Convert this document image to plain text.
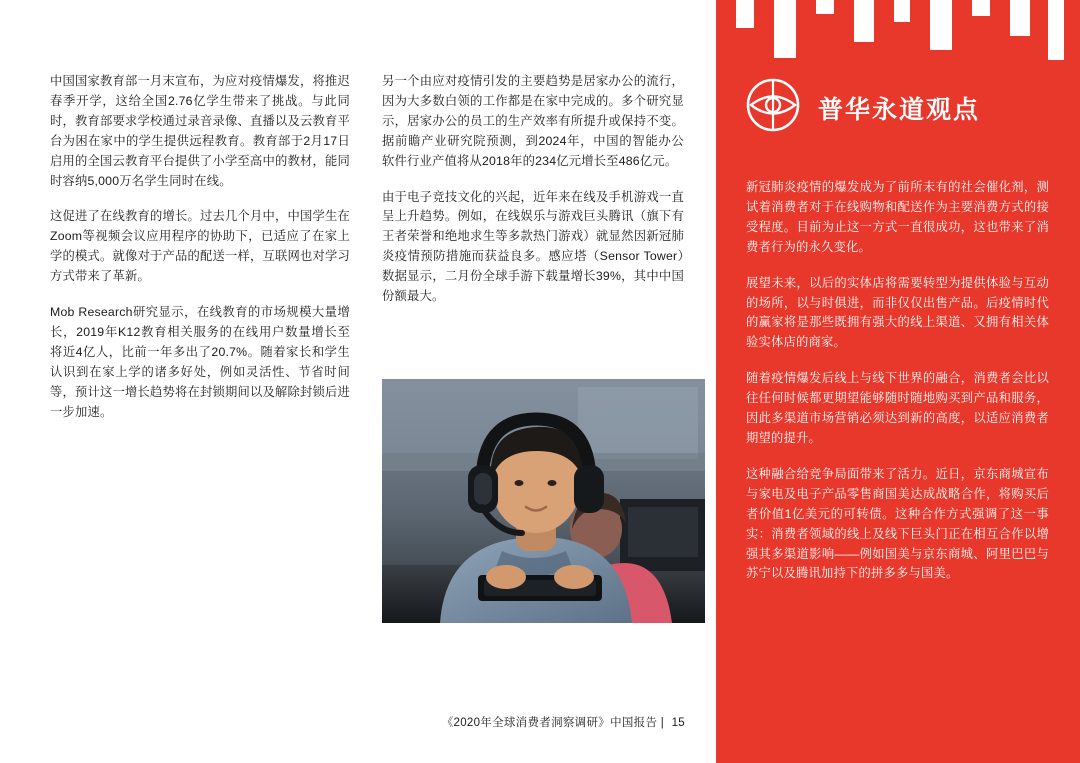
中国国家教育部一月末宣布，为应对疫情爆发，将推迟春季开学，这给全国2.76亿学生带来了挑战。与此同时，教育部要求学校通过录音录像、直播以及云教育平台为困在家中的学生提供远程教育。教育部于2月17日启用的全国云教育平台提供了小学至高中的教材，能同时容纳5,000万名学生同时在线。

这促进了在线教育的增长。过去几个月中，中国学生在Zoom等视频会议应用程序的协助下，已适应了在家上学的模式。就像对于产品的配送一样，互联网也对学习方式带来了革新。

Mob Research研究显示，在线教育的市场规模大量增长，2019年K12教育相关服务的在线用户数量增长至将近4亿人，比前一年多出了20.7%。随着家长和学生认识到在家上学的诸多好处，例如灵活性、节省时间等，预计这一增长趋势将在封锁期间以及解除封锁后进一步加速。

另一个由应对疫情引发的主要趋势是居家办公的流行，因为大多数白领的工作都是在家中完成的。多个研究显示，居家办公的员工的生产效率有所提升或保持不变。据前瞻产业研究院预测，到2024年，中国的智能办公软件行业产值将从2018年的234亿元增长至486亿元。

由于电子竞技文化的兴起，近年来在线及手机游戏一直呈上升趋势。例如，在线娱乐与游戏巨头腾讯（旗下有王者荣誉和绝地求生等多款热门游戏）就显然因新冠肺炎疫情预防措施而获益良多。感应塔（Sensor Tower）数据显示，二月份全球手游下载量增长39%，其中中国份额最大。

《2020年全球消费者洞察调研》中国报告 | 15
普华永道观点

新冠肺炎疫情的爆发成为了前所未有的社会催化剂，测试着消费者对于在线购物和配送作为主要消费方式的接受程度。目前为止这一方式一直很成功，这也带来了消费者行为的永久变化。

展望未来，以后的实体店将需要转型为提供体验与互动的场所，以与时俱进，而非仅仅出售产品。后疫情时代的赢家将是那些既拥有强大的线上渠道、又拥有相关体验实体店的商家。

随着疫情爆发后线上与线下世界的融合，消费者会比以往任何时候都更期望能够随时随地购买到产品和服务，因此多渠道市场营销必须达到新的高度，以适应消费者期望的提升。

这种融合给竞争局面带来了活力。近日，京东商城宣布与家电及电子产品零售商国美达成战略合作，将购买后者价值1亿美元的可转债。这种合作方式强调了这一事实：消费者领域的线上及线下巨头门正在相互合作以增强其多渠道影响——例如国美与京东商城、阿里巴巴与苏宁以及腾讯加持下的拼多多与国美。
